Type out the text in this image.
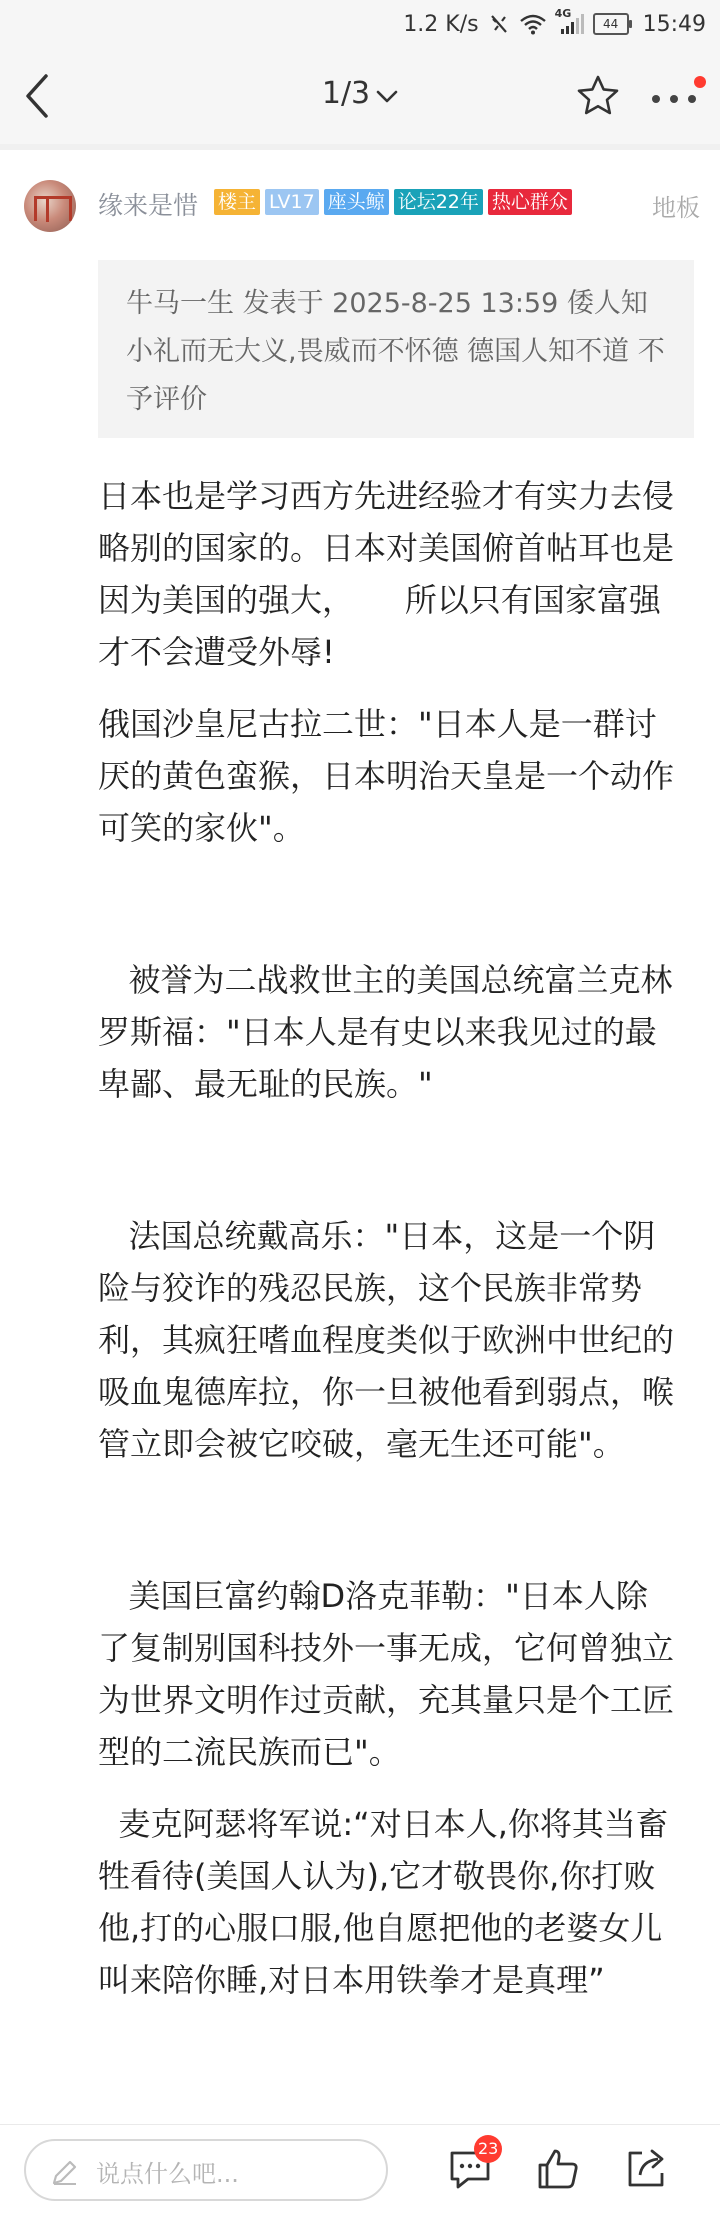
1.2 K/s	4G
44	15:49
1/3
缘来是惜 楼主 LV17 座头鲸 论坛22年 热心群众	地板
牛马一生 发表于 2025-8-25 13:59 倭人知小礼而无大义,畏威而不怀德 德国人知不道 不予评价

日本也是学习西方先进经验才有实力去侵略别的国家的。日本对美国俯首帖耳也是因为美国的强大，     所以只有国家富强才不会遭受外辱!

俄国沙皇尼古拉二世："日本人是一群讨厌的黄色蛮猴，日本明治天皇是一个动作可笑的家伙"。

被誉为二战救世主的美国总统富兰克林罗斯福："日本人是有史以来我见过的最卑鄙、最无耻的民族。"

法国总统戴高乐："日本，这是一个阴险与狡诈的残忍民族，这个民族非常势利，其疯狂嗜血程度类似于欧洲中世纪的吸血鬼德库拉，你一旦被他看到弱点，喉管立即会被它咬破，毫无生还可能"。

美国巨富约翰D洛克菲勒："日本人除了复制别国科技外一事无成，它何曾独立为世界文明作过贡献，充其量只是个工匠型的二流民族而已"。

麦克阿瑟将军说:“对日本人,你将其当畜牲看待(美国人认为),它才敬畏你,你打败他,打的心服口服,他自愿把他的老婆女儿叫来陪你睡,对日本用铁拳才是真理”

说点什么吧...
23
